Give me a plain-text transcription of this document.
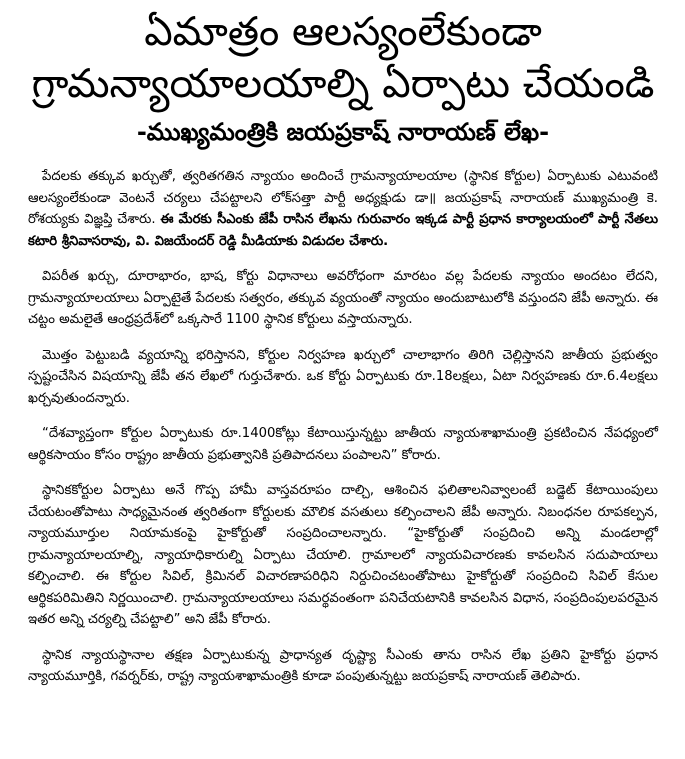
ఏమాత్రం ఆలస్యంలేకుండా
గ్రామన్యాయాలయాల్ని ఏర్పాటు చేయండి
-ముఖ్యమంత్రికి జయప్రకాష్ నారాయణ్ లేఖ-

పేదలకు తక్కువ ఖర్చుతో, త్వరితగతిన న్యాయం అందించే గ్రామన్యాయాలయాల (స్థానిక కోర్టుల) ఏర్పాటుకు ఎటువంటి ఆలస్యంలేకుండా వెంటనే చర్యలు చేపట్టాలని లోక్‌సత్తా పార్టీ అధ్యక్షుడు డా॥ జయప్రకాష్ నారాయణ్ ముఖ్యమంత్రి కె. రోశయ్యకు విజ్ఞప్తి చేశారు. ఈ మేరకు సీఎంకు జేపీ రాసిన లేఖను గురువారం ఇక్కడ పార్టీ ప్రధాన కార్యాలయంలో పార్టీ నేతలు కటారి శ్రీనివాసరావు, వి. విజయేందర్ రెడ్డి మీడియాకు విడుదల చేశారు.

విపరీత ఖర్చు, దూరాభారం, భాష, కోర్టు విధానాలు అవరోధంగా మారటం వల్ల పేదలకు న్యాయం అందటం లేదని, గ్రామన్యాయాలయాలు ఏర్పాటైతే పేదలకు సత్వరం, తక్కువ వ్యయంతో న్యాయం అందుబాటులోకి వస్తుందని జేపీ అన్నారు. ఈ చట్టం అమలైతే ఆంధ్రప్రదేశ్‌లో ఒక్కసారే 1100 స్థానిక కోర్టులు వస్తాయన్నారు.

మొత్తం పెట్టుబడి వ్యయాన్ని భరిస్తానని, కోర్టుల నిర్వహణ ఖర్చులో చాలాభాగం తిరిగి చెల్లిస్తానని జాతీయ ప్రభుత్వం స్పష్టంచేసిన విషయాన్ని జేపీ తన లేఖలో గుర్తుచేశారు. ఒక కోర్టు ఏర్పాటుకు రూ.18లక్షలు, ఏటా నిర్వహణకు రూ.6.4లక్షలు ఖర్చవుతుందన్నారు.

“దేశవ్యాప్తంగా కోర్టుల ఏర్పాటుకు రూ.1400కోట్లు కేటాయిస్తున్నట్టు జాతీయ న్యాయశాఖామంత్రి ప్రకటించిన నేపధ్యంలో ఆర్థికసాయం కోసం రాష్ట్రం జాతీయ ప్రభుత్వానికి ప్రతిపాదనలు పంపాలని” కోరారు.

స్థానికకోర్టుల ఏర్పాటు అనే గొప్ప హామీ వాస్తవరూపం దాల్చి, ఆశించిన ఫలితాలనివ్వాలంటే బడ్జెట్ కేటాయింపులు చేయటంతోపాటు సాధ్యమైనంత త్వరితంగా కోర్టులకు మౌలిక వసతులు కల్పించాలని జేపీ అన్నారు. నిబంధనల రూపకల్పన, న్యాయమూర్తుల నియామకంపై హైకోర్టుతో సంప్రదించాలన్నారు. “హైకోర్టుతో సంప్రదించి అన్ని మండలాల్లో గ్రామన్యాయాలయాల్ని, న్యాయాధికారుల్ని ఏర్పాటు చేయాలి. గ్రామాలలో న్యాయవిచారణకు కావలసిన సదుపాయాలు కల్పించాలి. ఈ కోర్టుల సివిల్, క్రిమినల్ విచారణాపరిధిని నిర్దుచించటంతోపాటు హైకోర్టుతో సంప్రదించి సివిల్ కేసుల ఆర్థికపరిమితిని నిర్ణయించాలి. గ్రామన్యాయాలయాలు సమర్థవంతంగా పనిచేయటానికి కావలసిన విధాన, సంప్రదింపులపరమైన ఇతర అన్ని చర్యల్ని చేపట్టాలి” అని జేపీ కోరారు.

స్థానిక న్యాయస్థానాల తక్షణ ఏర్పాటుకున్న ప్రాధాన్యత దృష్ట్యా సీఎంకు తాను రాసిన లేఖ ప్రతిని హైకోర్టు ప్రధాన న్యాయమూర్తికి, గవర్నర్‌కు, రాష్ట్ర న్యాయశాఖామంత్రికి కూడా పంపుతున్నట్టు జయప్రకాష్ నారాయణ్ తెలిపారు.
